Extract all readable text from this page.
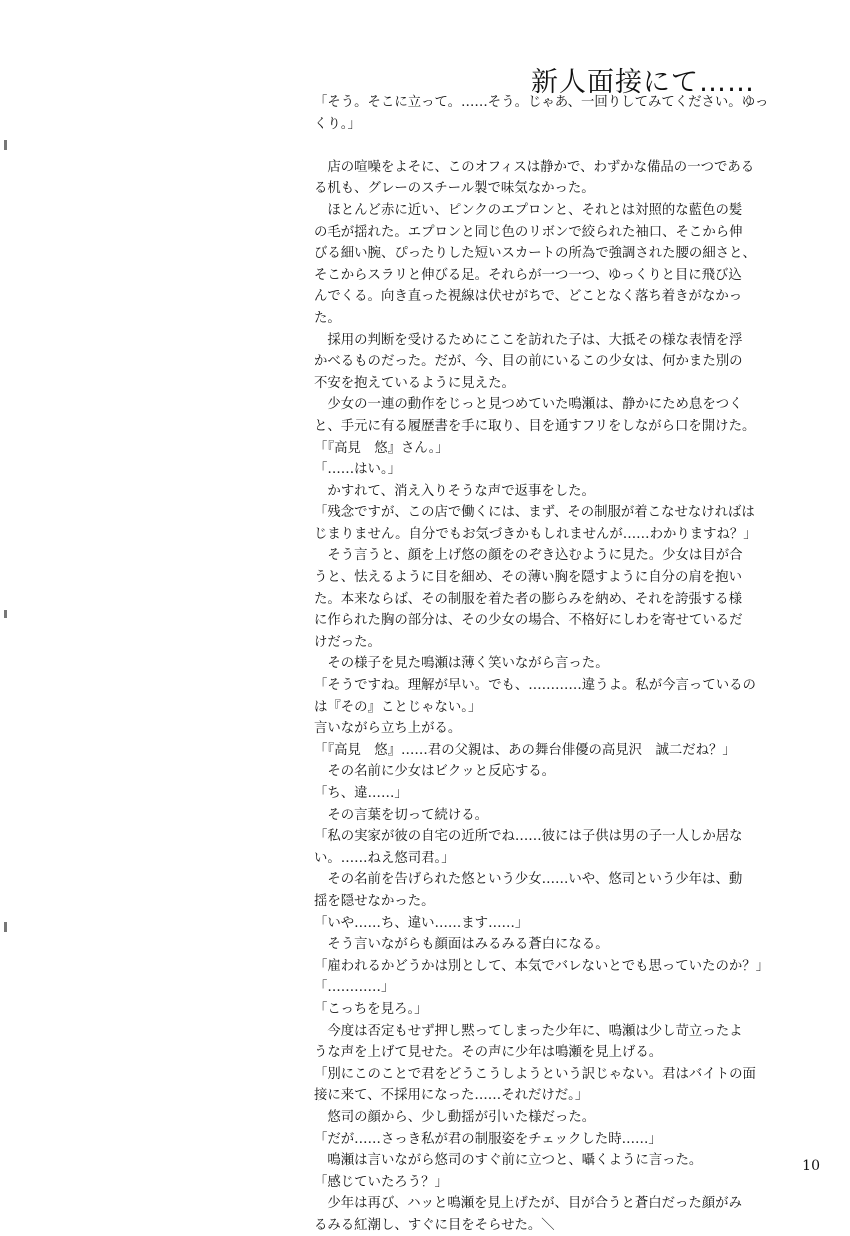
新人面接にて……
「そう。そこに立って。……そう。じゃあ、一回りしてみてください。ゆっ
くり。」
　店の喧噪をよそに、このオフィスは静かで、わずかな備品の一つである
る机も、グレーのスチール製で味気なかった。
　ほとんど赤に近い、ピンクのエプロンと、それとは対照的な藍色の髪
の毛が揺れた。エプロンと同じ色のリボンで絞られた袖口、そこから伸
びる細い腕、ぴったりした短いスカートの所為で強調された腰の細さと、
そこからスラリと伸びる足。それらが一つ一つ、ゆっくりと目に飛び込
んでくる。向き直った視線は伏せがちで、どことなく落ち着きがなかっ
た。
　採用の判断を受けるためにここを訪れた子は、大抵その様な表情を浮
かべるものだった。だが、今、目の前にいるこの少女は、何かまた別の
不安を抱えているように見えた。
　少女の一連の動作をじっと見つめていた鳴瀬は、静かにため息をつく
と、手元に有る履歴書を手に取り、目を通すフリをしながら口を開けた。
「『高見　悠』さん。」
「……はい。」
　かすれて、消え入りそうな声で返事をした。
「残念ですが、この店で働くには、まず、その制服が着こなせなければは
じまりません。自分でもお気づきかもしれませんが……わかりますね？」
　そう言うと、顔を上げ悠の顔をのぞき込むように見た。少女は目が合
うと、怯えるように目を細め、その薄い胸を隠すように自分の肩を抱い
た。本来ならば、その制服を着た者の膨らみを納め、それを誇張する様
に作られた胸の部分は、その少女の場合、不格好にしわを寄せているだ
けだった。
　その様子を見た鳴瀬は薄く笑いながら言った。
「そうですね。理解が早い。でも、…………違うよ。私が今言っているの
は『その』ことじゃない。」
言いながら立ち上がる。
「『高見　悠』……君の父親は、あの舞台俳優の高見沢　誠二だね？」
　その名前に少女はビクッと反応する。
「ち、違……」
　その言葉を切って続ける。
「私の実家が彼の自宅の近所でね……彼には子供は男の子一人しか居な
い。……ねえ悠司君。」
　その名前を告げられた悠という少女……いや、悠司という少年は、動
揺を隠せなかった。
「いや……ち、違い……ます……」
　そう言いながらも顔面はみるみる蒼白になる。
「雇われるかどうかは別として、本気でバレないとでも思っていたのか？」
「…………」
「こっちを見ろ。」
　今度は否定もせず押し黙ってしまった少年に、鳴瀬は少し苛立ったよ
うな声を上げて見せた。その声に少年は鳴瀬を見上げる。
「別にこのことで君をどうこうしようという訳じゃない。君はバイトの面
接に来て、不採用になった……それだけだ。」
　悠司の顔から、少し動揺が引いた様だった。
「だが……さっき私が君の制服姿をチェックした時……」
　鳴瀬は言いながら悠司のすぐ前に立つと、囁くように言った。
「感じていたろう？」
　少年は再び、ハッと鳴瀬を見上げたが、目が合うと蒼白だった顔がみ
るみる紅潮し、すぐに目をそらせた。＼
10
